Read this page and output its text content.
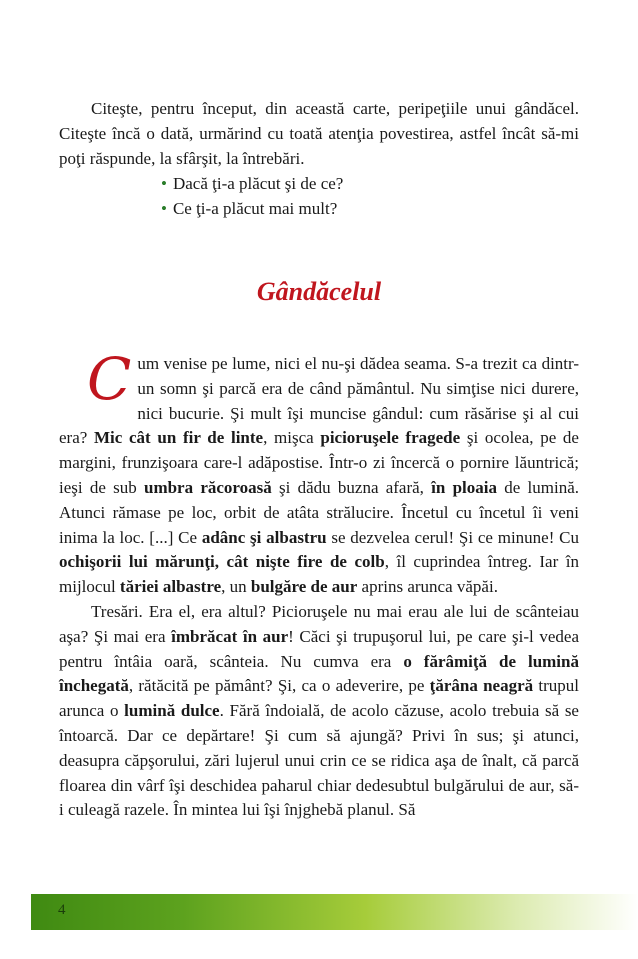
Citeşte, pentru început, din această carte, peripeţiile unui gândăcel. Citeşte încă o dată, urmărind cu toată atenţia povestirea, astfel încât să-mi poţi răspunde, la sfârşit, la întrebări.

• Dacă ţi-a plăcut şi de ce?
• Ce ţi-a plăcut mai mult?
Gândăcelul

Cum venise pe lume, nici el nu-şi dădea seama. S-a trezit ca dintr-un somn şi parcă era de când pământul. Nu simţise nici durere, nici bucurie. Şi mult îşi muncise gândul: cum răsărise şi al cui era? Mic cât un fir de linte, mişca picioruşele fragede şi ocolea, pe de margini, frunzişoara care-l adăpostise. Într-o zi încercă o pornire lăuntrică; ieşi de sub umbra răcoroasă şi dădu buzna afară, în ploaia de lumină. Atunci rămase pe loc, orbit de atâta strălucire. Încetul cu încetul îi veni inima la loc. [...] Ce adânc şi albastru se dezvelea cerul! Şi ce minune! Cu ochişorii lui mărunţi, cât nişte fire de colb, îl cuprindea întreg. Iar în mijlocul tăriei albastre, un bulgăre de aur aprins arunca văpăi.

Tresări. Era el, era altul? Picioruşele nu mai erau ale lui de scânteiau aşa? Şi mai era îmbrăcat în aur! Căci şi trupuşorul lui, pe care şi-l vedea pentru întâia oară, scânteia. Nu cumva era o fărâmiţă de lumină închegată, rătăcită pe pământ? Şi, ca o adeverire, pe ţărâna neagră trupul arunca o lumină dulce. Fără îndoială, de acolo căzuse, acolo trebuia să se întoarcă. Dar ce depărtare! Şi cum să ajungă? Privi în sus; şi atunci, deasupra căpşorului, zări lujerul unui crin ce se ridica aşa de înalt, că parcă floarea din vârf îşi deschidea paharul chiar dedesubtul bulgărului de aur, să-i culeagă razele. În mintea lui îşi înjghebă planul. Să

4
